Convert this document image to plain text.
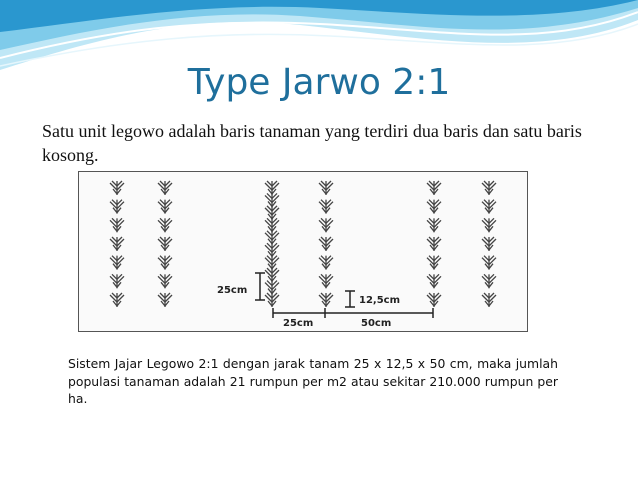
Type Jarwo 2:1
Satu unit legowo adalah baris tanaman yang terdiri dua baris dan satu baris kosong.
25cm
12,5cm
25cm	50cm
Sistem Jajar Legowo 2:1 dengan jarak tanam 25 x 12,5 x 50 cm, maka jumlah populasi tanaman adalah 21 rumpun per m2 atau sekitar 210.000 rumpun per ha.
